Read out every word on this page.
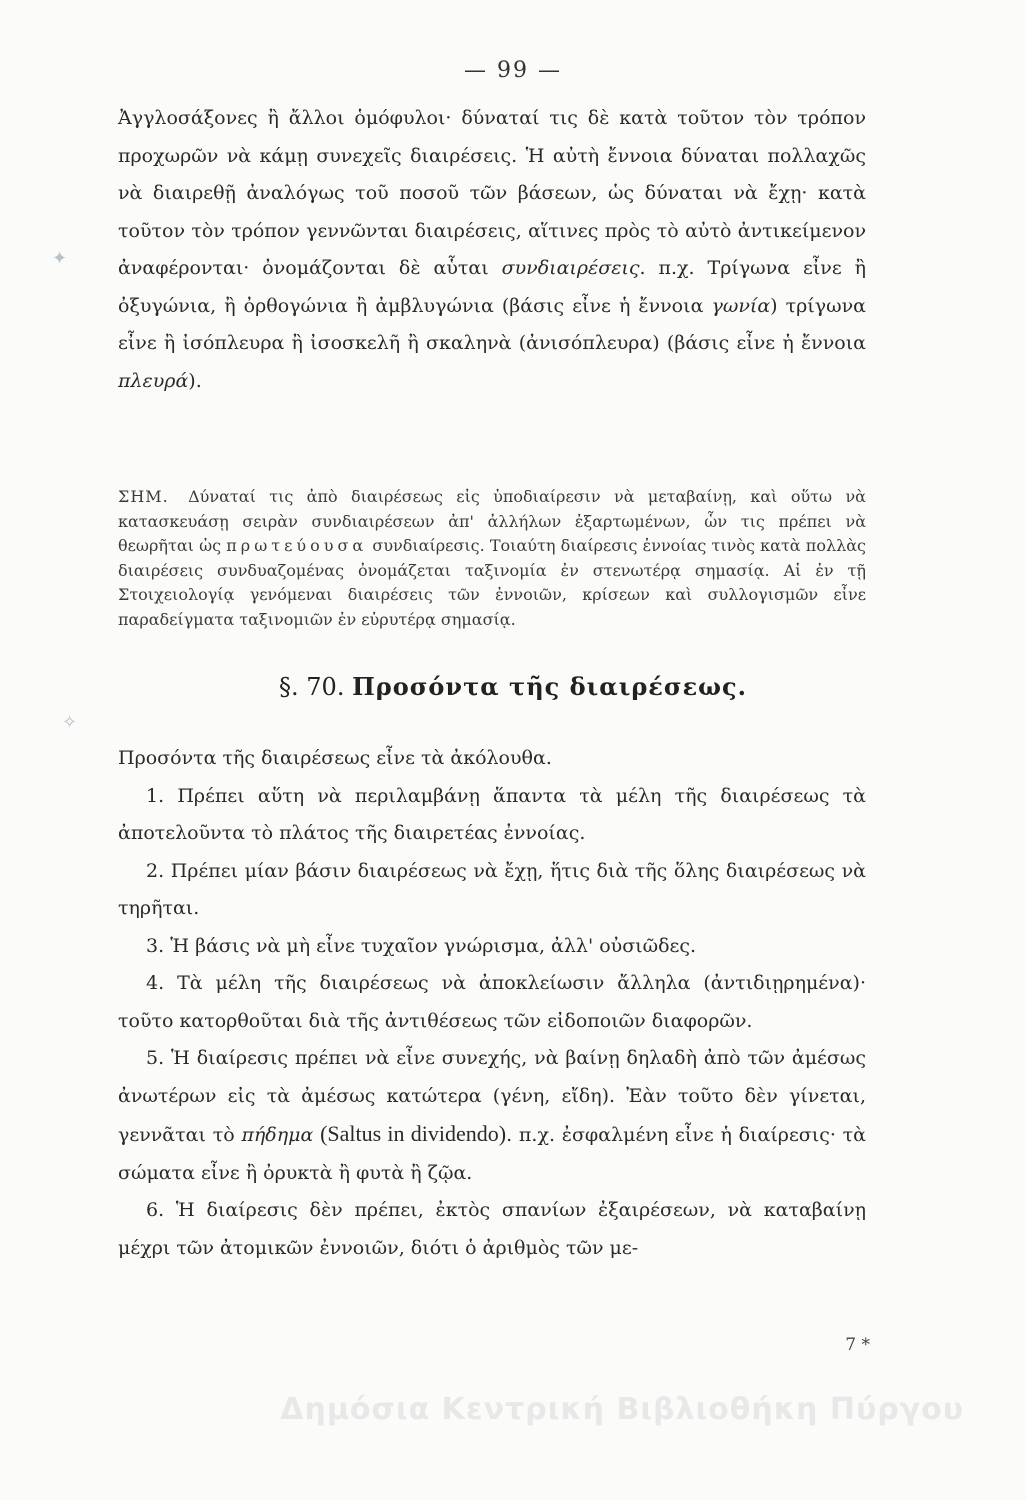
— 99 —
✦
✧
Ἀγγλοσάξονες ἢ ἄλλοι ὁμόφυλοι· δύναταί τις δὲ κατὰ τοῦτον τὸν τρόπον προχωρῶν νὰ κάμῃ συνεχεῖς διαιρέσεις. Ἡ αὐτὴ ἔννοια δύναται πολλαχῶς νὰ διαιρεθῇ ἀναλόγως τοῦ ποσοῦ τῶν βάσεων, ὡς δύναται νὰ ἔχῃ· κατὰ τοῦτον τὸν τρόπον γεννῶνται διαιρέσεις, αἵτινες πρὸς τὸ αὐτὸ ἀντικείμενον ἀναφέρονται· ὀνομάζονται δὲ αὗται συνδιαιρέσεις. π.χ. Τρίγωνα εἶνε ἢ ὀξυγώνια, ἢ ὀρθογώνια ἢ ἀμβλυγώνια (βάσις εἶνε ἡ ἔννοια γωνία) τρίγωνα εἶνε ἢ ἰσόπλευρα ἢ ἰσοσκελῆ ἢ σκαληνὰ (ἀνισόπλευρα) (βάσις εἶνε ἡ ἔννοια πλευρά).
ΣΗΜ. Δύναταί τις ἀπὸ διαιρέσεως εἰς ὑποδιαίρεσιν νὰ μεταβαίνῃ, καὶ οὕτω νὰ κατασκευάσῃ σειρὰν συνδιαιρέσεων ἀπ' ἀλλήλων ἐξαρτωμένων, ὧν τις πρέπει νὰ θεωρῆται ὡς πρωτεύουσα συνδιαίρεσις. Τοιαύτη διαίρεσις ἐννοίας τινὸς κατὰ πολλὰς διαιρέσεις συνδυαζομένας ὀνομάζεται ταξινομία ἐν στενωτέρᾳ σημασίᾳ. Αἱ ἐν τῇ Στοιχειολογίᾳ γενόμεναι διαιρέσεις τῶν ἐννοιῶν, κρίσεων καὶ συλλογισμῶν εἶνε παραδείγματα ταξινομιῶν ἐν εὐρυτέρᾳ σημασίᾳ.
§. 70. Προσόντα τῆς διαιρέσεως.

Προσόντα τῆς διαιρέσεως εἶνε τὰ ἀκόλουθα.

1. Πρέπει αὕτη νὰ περιλαμβάνῃ ἅπαντα τὰ μέλη τῆς διαιρέσεως τὰ ἀποτελοῦντα τὸ πλάτος τῆς διαιρετέας ἐννοίας.

2. Πρέπει μίαν βάσιν διαιρέσεως νὰ ἔχῃ, ἥτις διὰ τῆς ὅλης διαιρέσεως νὰ τηρῆται.

3. Ἡ βάσις νὰ μὴ εἶνε τυχαῖον γνώρισμα, ἀλλ' οὐσιῶδες.

4. Τὰ μέλη τῆς διαιρέσεως νὰ ἀποκλείωσιν ἄλληλα (ἀντιδιῃρημένα)· τοῦτο κατορθοῦται διὰ τῆς ἀντιθέσεως τῶν εἰδοποιῶν διαφορῶν.

5. Ἡ διαίρεσις πρέπει νὰ εἶνε συνεχής, νὰ βαίνῃ δηλαδὴ ἀπὸ τῶν ἀμέσως ἀνωτέρων εἰς τὰ ἀμέσως κατώτερα (γένη, εἴδη). Ἐὰν τοῦτο δὲν γίνεται, γεννᾶται τὸ πήδημα (Saltus in dividendo). π.χ. ἐσφαλμένη εἶνε ἡ διαίρεσις· τὰ σώματα εἶνε ἢ ὀρυκτὰ ἢ φυτὰ ἢ ζῷα.

6. Ἡ διαίρεσις δὲν πρέπει, ἐκτὸς σπανίων ἐξαιρέσεων, νὰ καταβαίνῃ μέχρι τῶν ἀτομικῶν ἐννοιῶν, διότι ὁ ἀριθμὸς τῶν με-

7 *
Δημόσια Κεντρική Βιβλιοθήκη Πύργου
